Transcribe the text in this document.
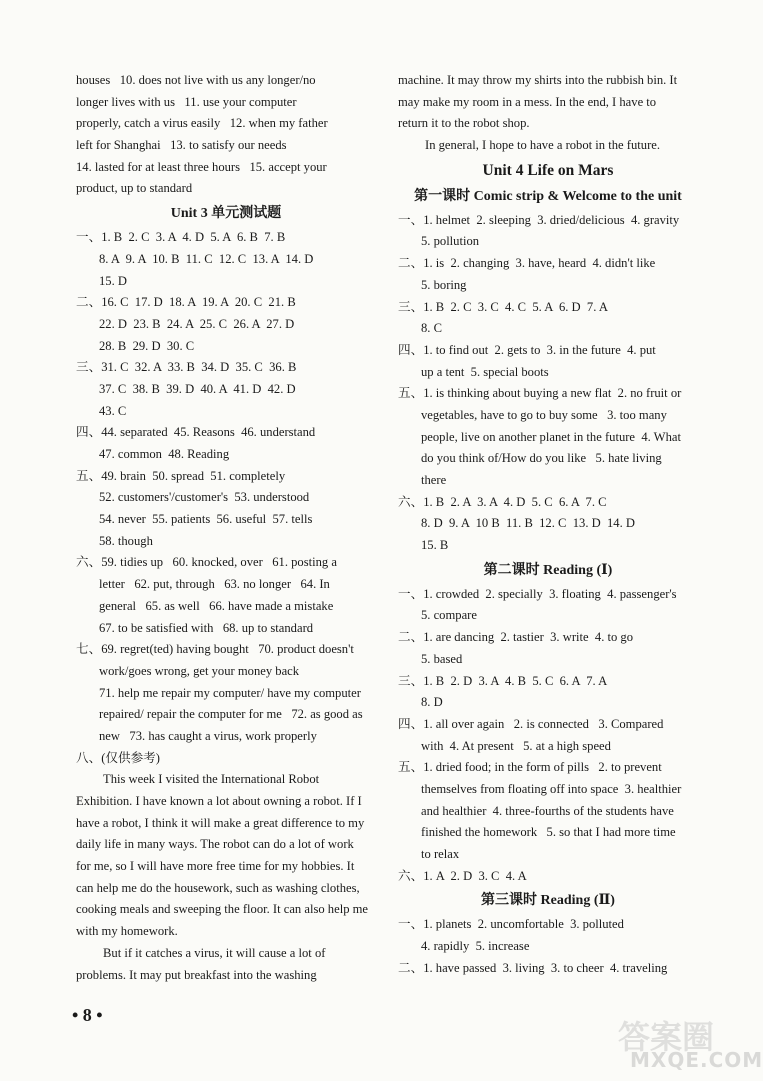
houses   10. does not live with us any longer/no
longer lives with us   11. use your computer
properly, catch a virus easily   12. when my father
left for Shanghai   13. to satisfy our needs
14. lasted for at least three hours   15. accept your
product, up to standard
Unit 3 单元测试题
一、1. B  2. C  3. A  4. D  5. A  6. B  7. B
8. A  9. A  10. B  11. C  12. C  13. A  14. D
15. D
二、16. C  17. D  18. A  19. A  20. C  21. B
22. D  23. B  24. A  25. C  26. A  27. D
28. B  29. D  30. C
三、31. C  32. A  33. B  34. D  35. C  36. B
37. C  38. B  39. D  40. A  41. D  42. D
43. C
四、44. separated  45. Reasons  46. understand
47. common  48. Reading
五、49. brain  50. spread  51. completely
52. customers'/customer's  53. understood
54. never  55. patients  56. useful  57. tells
58. though
六、59. tidies up   60. knocked, over   61. posting a
letter   62. put, through   63. no longer   64. In
general   65. as well   66. have made a mistake
67. to be satisfied with   68. up to standard
七、69. regret(ted) having bought   70. product doesn't
work/goes wrong, get your money back
71. help me repair my computer/ have my computer
repaired/ repair the computer for me   72. as good as
new   73. has caught a virus, work properly
八、(仅供参考)
This week I visited the International Robot
Exhibition. I have known a lot about owning a robot. If I
have a robot, I think it will make a great difference to my
daily life in many ways. The robot can do a lot of work
for me, so I will have more free time for my hobbies. It
can help me do the housework, such as washing clothes,
cooking meals and sweeping the floor. It can also help me
with my homework.
But if it catches a virus, it will cause a lot of
problems. It may put breakfast into the washing
machine. It may throw my shirts into the rubbish bin. It
may make my room in a mess. In the end, I have to
return it to the robot shop.
In general, I hope to have a robot in the future.
Unit 4 Life on Mars
第一课时 Comic strip & Welcome to the unit
一、1. helmet  2. sleeping  3. dried/delicious  4. gravity
5. pollution
二、1. is  2. changing  3. have, heard  4. didn't like
5. boring
三、1. B  2. C  3. C  4. C  5. A  6. D  7. A
8. C
四、1. to find out  2. gets to  3. in the future  4. put
up a tent  5. special boots
五、1. is thinking about buying a new flat  2. no fruit or
vegetables, have to go to buy some   3. too many
people, live on another planet in the future  4. What
do you think of/How do you like   5. hate living
there
六、1. B  2. A  3. A  4. D  5. C  6. A  7. C
8. D  9. A  10 B  11. B  12. C  13. D  14. D
15. B
第二课时 Reading (Ⅰ)
一、1. crowded  2. specially  3. floating  4. passenger's
5. compare
二、1. are dancing  2. tastier  3. write  4. to go
5. based
三、1. B  2. D  3. A  4. B  5. C  6. A  7. A
8. D
四、1. all over again   2. is connected   3. Compared
with  4. At present   5. at a high speed
五、1. dried food; in the form of pills   2. to prevent
themselves from floating off into space  3. healthier
and healthier  4. three-fourths of the students have
finished the homework   5. so that I had more time
to relax
六、1. A  2. D  3. C  4. A
第三课时 Reading (Ⅱ)
一、1. planets  2. uncomfortable  3. polluted
4. rapidly  5. increase
二、1. have passed  3. living  3. to cheer  4. traveling
• 8 •
答案圈
MXQE.COM
